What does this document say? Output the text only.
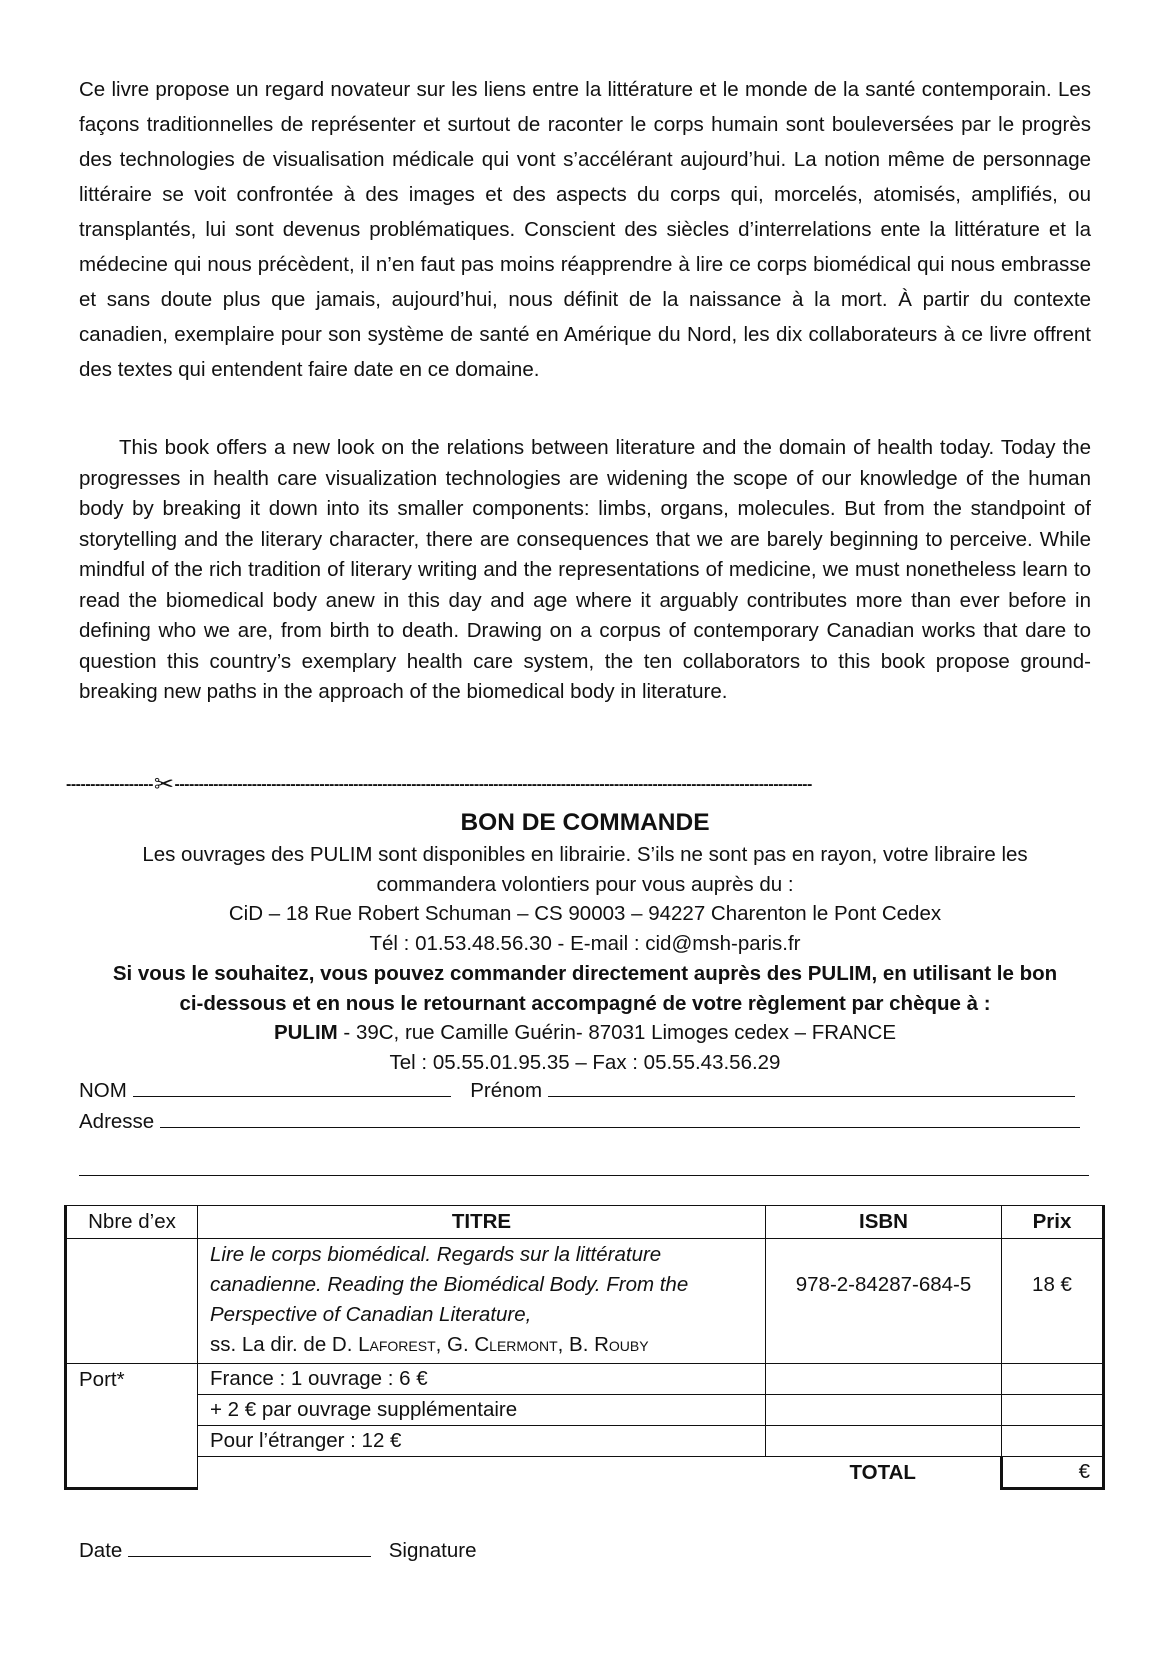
Ce livre propose un regard novateur sur les liens entre la littérature et le monde de la santé contemporain. Les façons traditionnelles de représenter et surtout de raconter le corps humain sont bouleversées par le progrès des technologies de visualisation médicale qui vont s’accélérant aujourd’hui. La notion même de personnage littéraire se voit confrontée à des images et des aspects du corps qui, morcelés, atomisés, amplifiés, ou transplantés, lui sont devenus problématiques. Conscient des siècles d’interrelations ente la littérature et la médecine qui nous précèdent, il n’en faut pas moins réapprendre à lire ce corps biomédical qui nous embrasse et sans doute plus que jamais, aujourd’hui, nous définit de la naissance à la mort. À partir du contexte canadien, exemplaire pour son système de santé en Amérique du Nord, les dix collaborateurs à ce livre offrent des textes qui entendent faire date en ce domaine.

This book offers a new look on the relations between literature and the domain of health today. Today the progresses in health care visualization technologies are widening the scope of our knowledge of the human body by breaking it down into its smaller components: limbs, organs, molecules. But from the standpoint of storytelling and the literary character, there are consequences that we are barely beginning to perceive. While mindful of the rich tradition of literary writing and the representations of medicine, we must nonetheless learn to read the biomedical body anew in this day and age where it arguably contributes more than ever before in defining who we are, from birth to death. Drawing on a corpus of contemporary Canadian works that dare to question this country’s exemplary health care system, the ten collaborators to this book propose ground-breaking new paths in the approach of the biomedical body in literature.

------------------✂------------------------------------------------------------------------------------------------------------------------------------

BON DE COMMANDE

Les ouvrages des PULIM sont disponibles en librairie. S’ils ne sont pas en rayon, votre libraire les

commandera volontiers pour vous auprès du :

CiD – 18 Rue Robert Schuman – CS 90003 – 94227 Charenton le Pont Cedex

Tél : 01.53.48.56.30 - E-mail : cid@msh-paris.fr

Si vous le souhaitez, vous pouvez commander directement auprès des PULIM, en utilisant le bon

ci-dessous et en nous le retournant accompagné de votre règlement par chèque à :

PULIM - 39C, rue Camille Guérin- 87031 Limoges cedex – FRANCE

Tel : 05.55.01.95.35 – Fax : 05.55.43.56.29

NOM	Prénom
Adresse
Nbre d’ex	TITRE	ISBN	Prix

	Lire le corps biomédical. Regards sur la littérature canadienne. Reading the Biomédical Body. From the Perspective of Canadian Literature,
ss. La dir. de D. Laforest, G. Clermont, B. Rouby	978-2-84287-684-5	18 €
Port*	France : 1 ouvrage : 6 €		
	+ 2 € par ouvrage supplémentaire		
	Pour l’étranger : 12 €		
		TOTAL	€
Date	Signature
